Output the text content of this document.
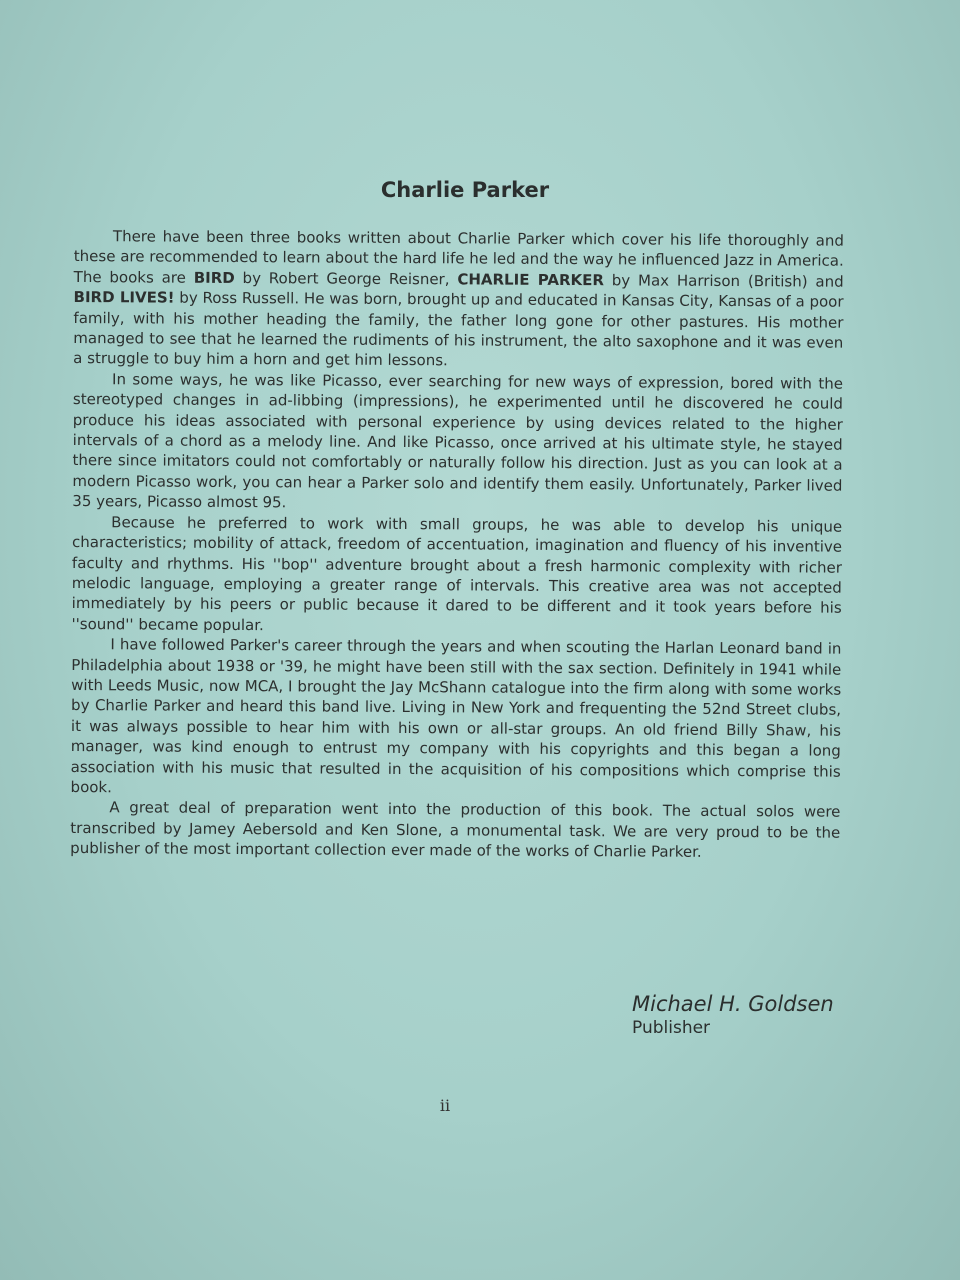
Charlie Parker

There have been three books written about Charlie Parker which cover his life thoroughly and these are recommended to learn about the hard life he led and the way he influenced Jazz in America. The books are BIRD by Robert George Reisner, CHARLIE PARKER by Max Harrison (British) and BIRD LIVES! by Ross Russell. He was born, brought up and educated in Kansas City, Kansas of a poor family, with his mother heading the family, the father long gone for other pastures. His mother managed to see that he learned the rudiments of his instrument, the alto saxophone and it was even a struggle to buy him a horn and get him lessons.

In some ways, he was like Picasso, ever searching for new ways of expression, bored with the stereotyped changes in ad-libbing (impressions), he experimented until he discovered he could produce his ideas associated with personal experience by using devices related to the higher intervals of a chord as a melody line. And like Picasso, once arrived at his ultimate style, he stayed there since imitators could not comfortably or naturally follow his direction. Just as you can look at a modern Picasso work, you can hear a Parker solo and identify them easily. Unfortunately, Parker lived 35 years, Picasso almost 95.

Because he preferred to work with small groups, he was able to develop his unique characteristics; mobility of attack, freedom of accentuation, imagination and fluency of his inventive faculty and rhythms. His ''bop'' adventure brought about a fresh harmonic complexity with richer melodic language, employing a greater range of intervals. This creative area was not accepted immediately by his peers or public because it dared to be different and it took years before his ''sound'' became popular.

I have followed Parker's career through the years and when scouting the Harlan Leonard band in Philadelphia about 1938 or '39, he might have been still with the sax section. Definitely in 1941 while with Leeds Music, now MCA, I brought the Jay McShann catalogue into the firm along with some works by Charlie Parker and heard this band live. Living in New York and frequenting the 52nd Street clubs, it was always possible to hear him with his own or all-star groups. An old friend Billy Shaw, his manager, was kind enough to entrust my company with his copyrights and this began a long association with his music that resulted in the acquisition of his compositions which comprise this book.

A great deal of preparation went into the production of this book. The actual solos were transcribed by Jamey Aebersold and Ken Slone, a monumental task. We are very proud to be the publisher of the most important collection ever made of the works of Charlie Parker.

Michael H. Goldsen
Publisher
ii
